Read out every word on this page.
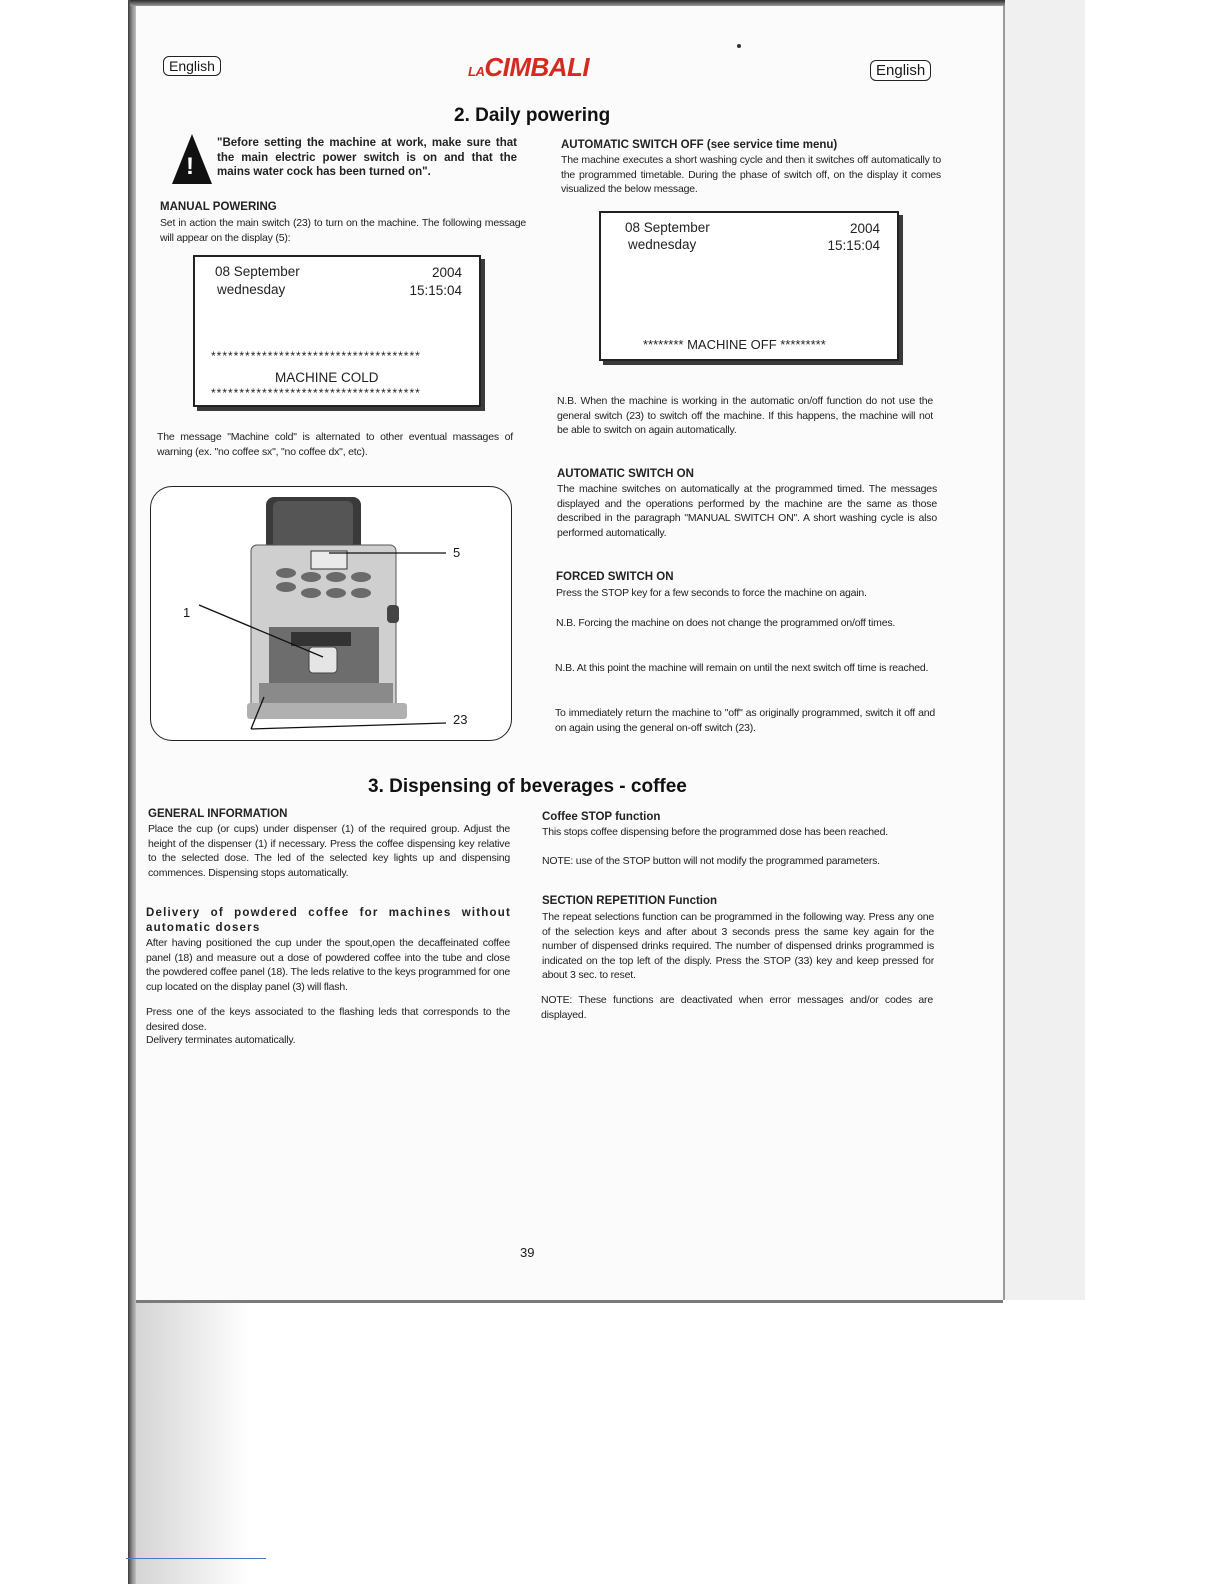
English	English
LACIMBALI
2. Daily powering
!
"Before setting the machine at work, make sure that the main electric power switch is on and that the mains water cock has been turned on".
MANUAL POWERING
Set in action the main switch (23) to turn on the machine. The following message will appear on the display (5):
08 September	2004
wednesday	15:15:04
*************************************
MACHINE COLD
*************************************
The message "Machine cold" is alternated to other eventual massages of warning (ex. "no coffee sx", "no coffee dx", etc).
5
1
23
AUTOMATIC SWITCH OFF (see service time menu)
The machine executes a short washing cycle and then it switches off automatically to the programmed timetable. During the phase of switch off, on the display it comes visualized the below message.
08 September	2004
wednesday	15:15:04
******** MACHINE OFF *********
N.B. When the machine is working in the automatic on/off function do not use the general switch (23) to switch off the machine. If this happens, the machine will not be able to switch on again automatically.
AUTOMATIC SWITCH ON
The machine switches on automatically at the programmed timed. The messages displayed and the operations performed by the machine are the same as those described in the paragraph "MANUAL SWITCH ON". A short washing cycle is also performed automatically.
FORCED SWITCH ON
Press the STOP key for a few seconds to force the machine on again.
N.B. Forcing the machine on does not change the programmed on/off times.
N.B. At this point the machine will remain on until the next switch off time is reached.
To immediately return the machine to "off" as originally programmed, switch it off and on again using the general on-off switch (23).
3. Dispensing of beverages - coffee
GENERAL INFORMATION
Place the cup (or cups) under dispenser (1) of the required group. Adjust the height of the dispenser (1) if necessary. Press the coffee dispensing key relative to the selected dose. The led of the selected key lights up and dispensing commences. Dispensing stops automatically.
Delivery of powdered coffee for machines without automatic dosers
After having positioned the cup under the spout,open the decaffeinated coffee panel (18) and measure out a dose of powdered coffee into the tube and close the powdered coffee panel (18). The leds relative to the keys programmed for one cup located on the display panel (3) will flash.
Press one of the keys associated to the flashing leds that corresponds to the desired dose.
Delivery terminates automatically.
Coffee STOP function
This stops coffee dispensing before the programmed dose has been reached.
NOTE: use of the STOP button will not modify the programmed parameters.
SECTION REPETITION Function
The repeat selections function can be programmed in the following way. Press any one of the selection keys and after about 3 seconds press the same key again for the number of dispensed drinks required. The number of dispensed drinks programmed is indicated on the top left of the disply. Press the STOP (33) key and keep pressed for about 3 sec. to reset.
NOTE: These functions are deactivated when error messages and/or codes are displayed.
39
